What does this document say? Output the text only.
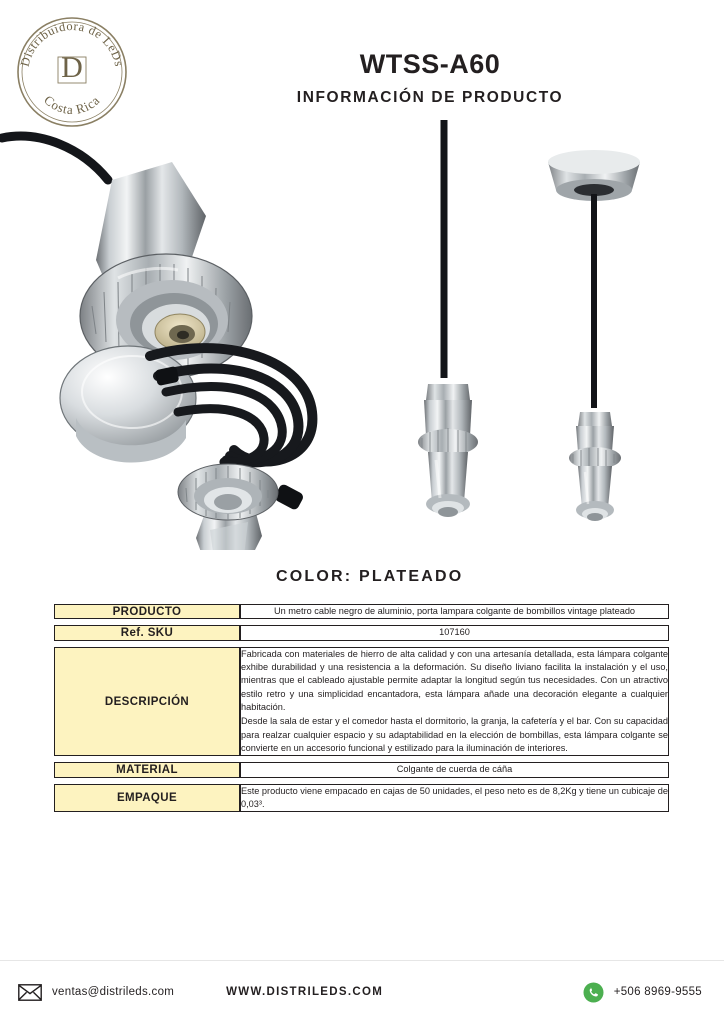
Distribuidora de LeDs
Costa Rica
D	WTSS-A60
INFORMACIÓN DE PRODUCTO
COLOR: PLATEADO
PRODUCTO	Un metro cable negro de aluminio, porta lampara colgante de bombillos vintage plateado
Ref. SKU	107160
DESCRIPCIÓN	Fabricada con materiales de hierro de alta calidad y con una artesanía detallada, esta lámpara colgante exhibe durabilidad y una resistencia a la deformación. Su diseño liviano facilita la instalación y el uso, mientras que el cableado ajustable permite adaptar la longitud según tus necesidades. Con un atractivo estilo retro y una simplicidad encantadora, esta lámpara añade una decoración elegante a cualquier habitación.

Desde la sala de estar y el comedor hasta el dormitorio, la granja, la cafetería y el bar. Con su capacidad para realzar cualquier espacio y su adaptabilidad en la elección de bombillas, esta lámpara colgante se convierte en un accesorio funcional y estilizado para la iluminación de interiores.

MATERIAL	Colgante de cuerda de cáña
EMPAQUE	Este producto viene empacado en cajas de 50 unidades, el peso neto es de 8,2Kg y tiene un cubicaje de 0,03³.
ventas@distrileds.com	WWW.DISTRILEDS.COM	+506 8969-9555
